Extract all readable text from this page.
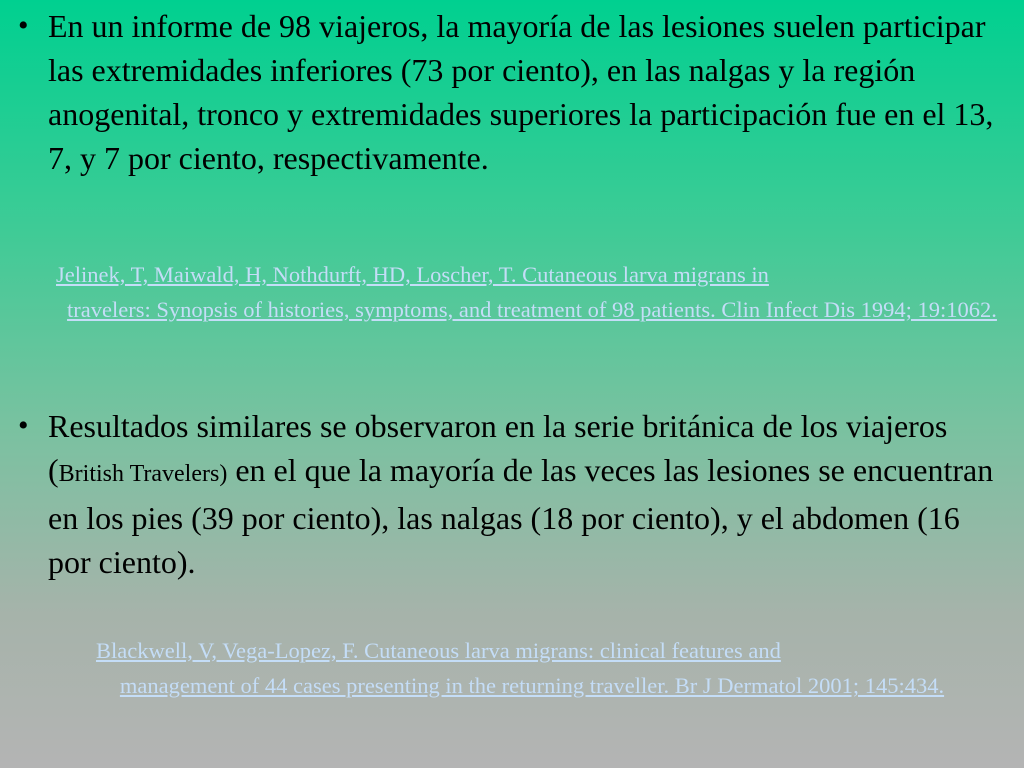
• En un informe de 98 viajeros, la mayoría de las lesiones suelen participar las extremidades inferiores (73 por ciento), en las nalgas y la región anogenital, tronco y extremidades superiores la participación fue en el 13, 7, y 7 por ciento, respectivamente.

Jelinek, T, Maiwald, H, Nothdurft, HD, Loscher, T. Cutaneous larva migrans in
travelers: Synopsis of histories, symptoms, and treatment of 98 patients. Clin Infect Dis 1994; 19:1062.

• Resultados similares se observaron en la serie británica de los viajeros (British Travelers) en el que la mayoría de las veces las lesiones se encuentran en los pies (39 por ciento), las nalgas (18 por ciento), y el abdomen (16 por ciento).

Blackwell, V, Vega-Lopez, F. Cutaneous larva migrans: clinical features and
management of 44 cases presenting in the returning traveller. Br J Dermatol 2001; 145:434.
